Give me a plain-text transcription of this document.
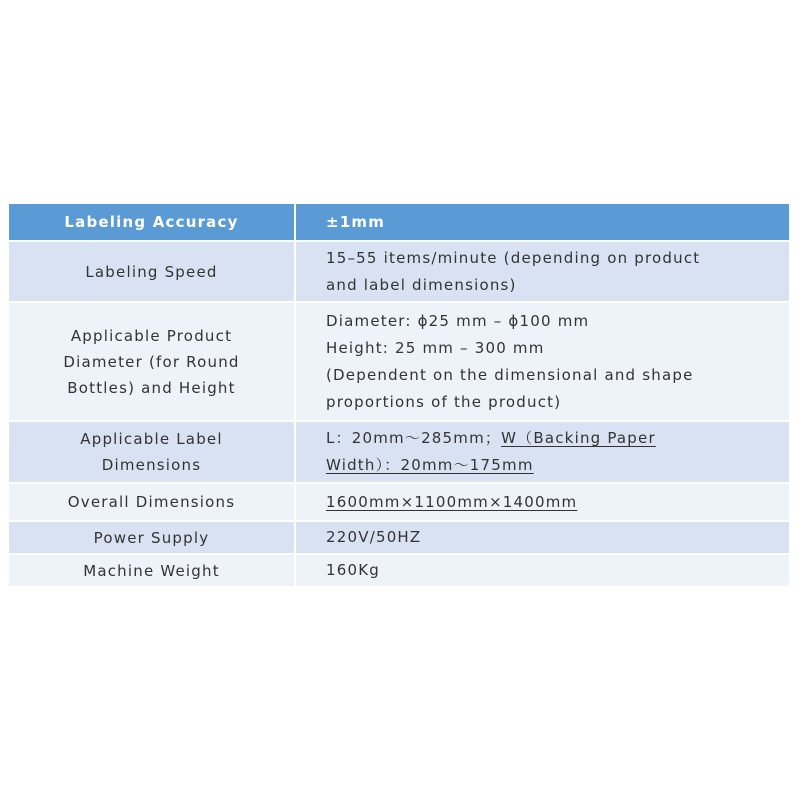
Labeling Accuracy	±1mm
Labeling Speed	15–55 items/minute (depending on product
and label dimensions)

Applicable Product Diameter (for Round Bottles) and Height	Diameter: ϕ25 mm – ϕ100 mm
Height: 25 mm – 300 mm
(Dependent on the dimensional and shape
proportions of the product)

Applicable Label Dimensions	L：20mm～285mm；W（Backing Paper
Width）：20mm～175mm

Overall Dimensions	1600mm×1100mm×1400mm
Power Supply	220V/50HZ
Machine Weight	160Kg
